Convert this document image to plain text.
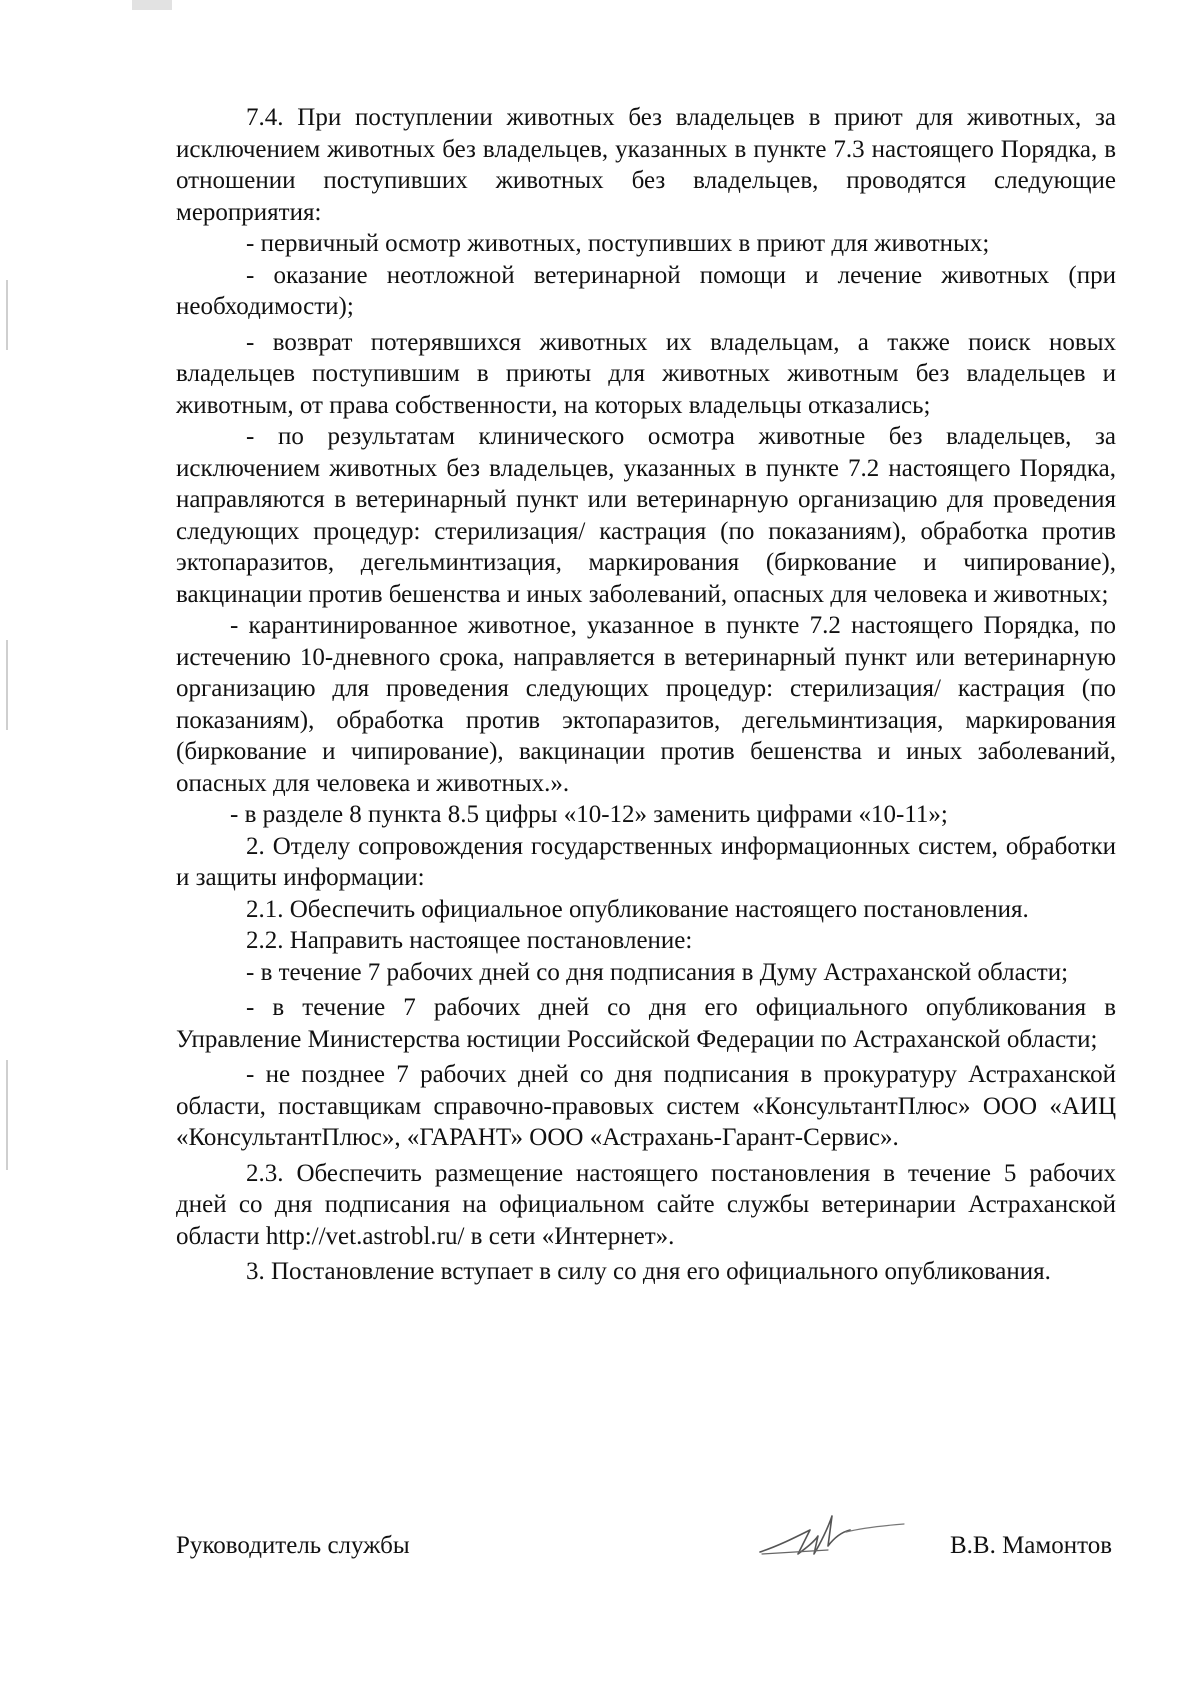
7.4. При поступлении животных без владельцев в приют для животных, за исключением животных без владельцев, указанных в пункте 7.3 настоящего Порядка, в отношении поступивших животных без владельцев, проводятся следующие мероприятия:

- первичный осмотр животных, поступивших в приют для животных;

- оказание неотложной ветеринарной помощи и лечение животных (при необходимости);

- возврат потерявшихся животных их владельцам, а также поиск новых владельцев поступившим в приюты для животных животным без владельцев и животным, от права собственности, на которых владельцы отказались;

- по результатам клинического осмотра животные без владельцев, за исключением животных без владельцев, указанных в пункте 7.2 настоящего Порядка, направляются в ветеринарный пункт или ветеринарную организацию для проведения следующих процедур: стерилизация/ кастрация (по показаниям), обработка против эктопаразитов, дегельминтизация, маркирования (биркование и чипирование), вакцинации против бешенства и иных заболеваний, опасных для человека и животных;

- карантинированное животное, указанное в пункте 7.2 настоящего Порядка, по истечению 10-дневного срока, направляется в ветеринарный пункт или ветеринарную организацию для проведения следующих процедур: стерилизация/ кастрация (по показаниям), обработка против эктопаразитов, дегельминтизация, маркирования (биркование и чипирование), вакцинации против бешенства и иных заболеваний, опасных для человека и животных.».

- в разделе 8 пункта 8.5 цифры «10-12» заменить цифрами «10-11»;

2. Отделу сопровождения государственных информационных систем, обработки и защиты информации:

2.1. Обеспечить официальное опубликование настоящего постановления.

2.2. Направить настоящее постановление:

- в течение 7 рабочих дней со дня подписания в Думу Астраханской области;

- в течение 7 рабочих дней со дня его официального опубликования в Управление Министерства юстиции Российской Федерации по Астраханской области;

- не позднее 7 рабочих дней со дня подписания в прокуратуру Астраханской области, поставщикам справочно-правовых систем «КонсультантПлюс» ООО «АИЦ «КонсультантПлюс», «ГАРАНТ» ООО «Астрахань-Гарант-Сервис».

2.3. Обеспечить размещение настоящего постановления в течение 5 рабочих дней со дня подписания на официальном сайте службы ветеринарии Астраханской области http://vet.astrobl.ru/ в сети «Интернет».

3. Постановление вступает в силу со дня его официального опубликования.

Руководитель службы	В.В. Мамонтов
